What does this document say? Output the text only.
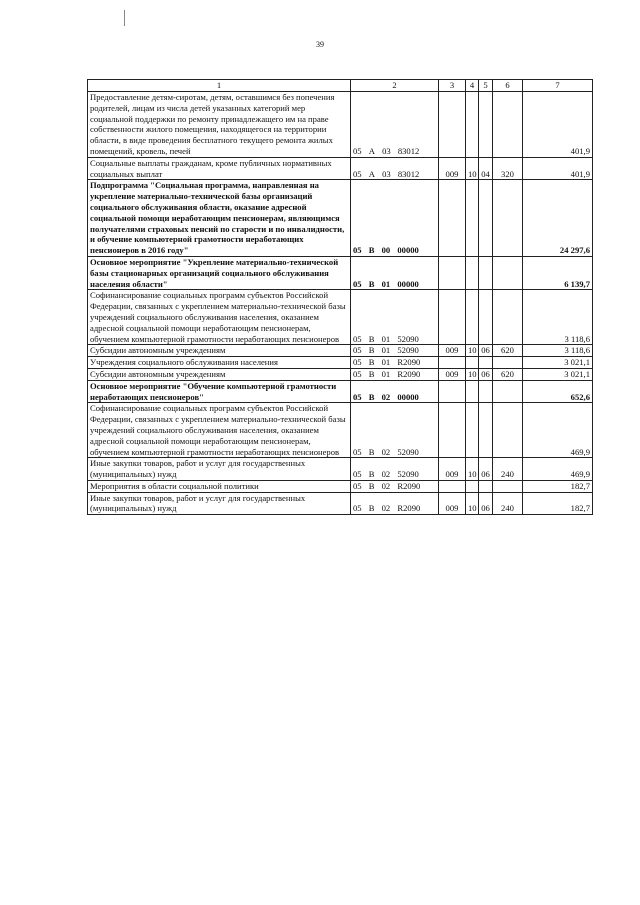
39
1	2	3	4	5	6	7
Предоставление детям-сиротам, детям, оставшимся без попечения родителей, лицам из числа детей указанных категорий мер социальной поддержки по ремонту принадлежащего им на праве собственности жилого помещения, находящегося на территории области, в виде проведения бесплатного текущего ремонта жилых помещений, кровель, печей	05 А 03 83012					401,9
Социальные выплаты гражданам, кроме публичных нормативных социальных выплат	05 А 03 83012	009	10	04	320	401,9
Подпрограмма "Социальная программа, направленная на укрепление материально-технической базы организаций социального обслуживания области, оказание адресной социальной помощи неработающим пенсионерам, являющимся получателями страховых пенсий по старости и по инвалидности, и обучение компьютерной грамотности неработающих пенсионеров в 2016 году"	05 В 00 00000					24 297,6
Основное мероприятие "Укрепление материально-технической базы стационарных организаций социального обслуживания населения области"	05 В 01 00000					6 139,7
Софинансирование социальных программ субъектов Российской Федерации, связанных с укреплением материально-технической базы учреждений социального обслуживания населения, оказанием адресной социальной помощи неработающим пенсионерам, обучением компьютерной грамотности неработающих пенсионеров	05 В 01 52090					3 118,6
Субсидии автономным учреждениям	05 В 01 52090	009	10	06	620	3 118,6
Учреждения социального обслуживания населения	05 В 01 R2090					3 021,1
Субсидии автономным учреждениям	05 В 01 R2090	009	10	06	620	3 021,1
Основное мероприятие "Обучение компьютерной грамотности неработающих пенсионеров"	05 В 02 00000					652,6
Софинансирование социальных программ субъектов Российской Федерации, связанных с укреплением материально-технической базы учреждений социального обслуживания населения, оказанием адресной социальной помощи неработающим пенсионерам, обучением компьютерной грамотности неработающих пенсионеров	05 В 02 52090					469,9
Иные закупки товаров, работ и услуг для государственных (муниципальных) нужд	05 В 02 52090	009	10	06	240	469,9
Мероприятия в области социальной политики	05 В 02 R2090					182,7
Иные закупки товаров, работ и услуг для государственных (муниципальных) нужд	05 В 02 R2090	009	10	06	240	182,7
